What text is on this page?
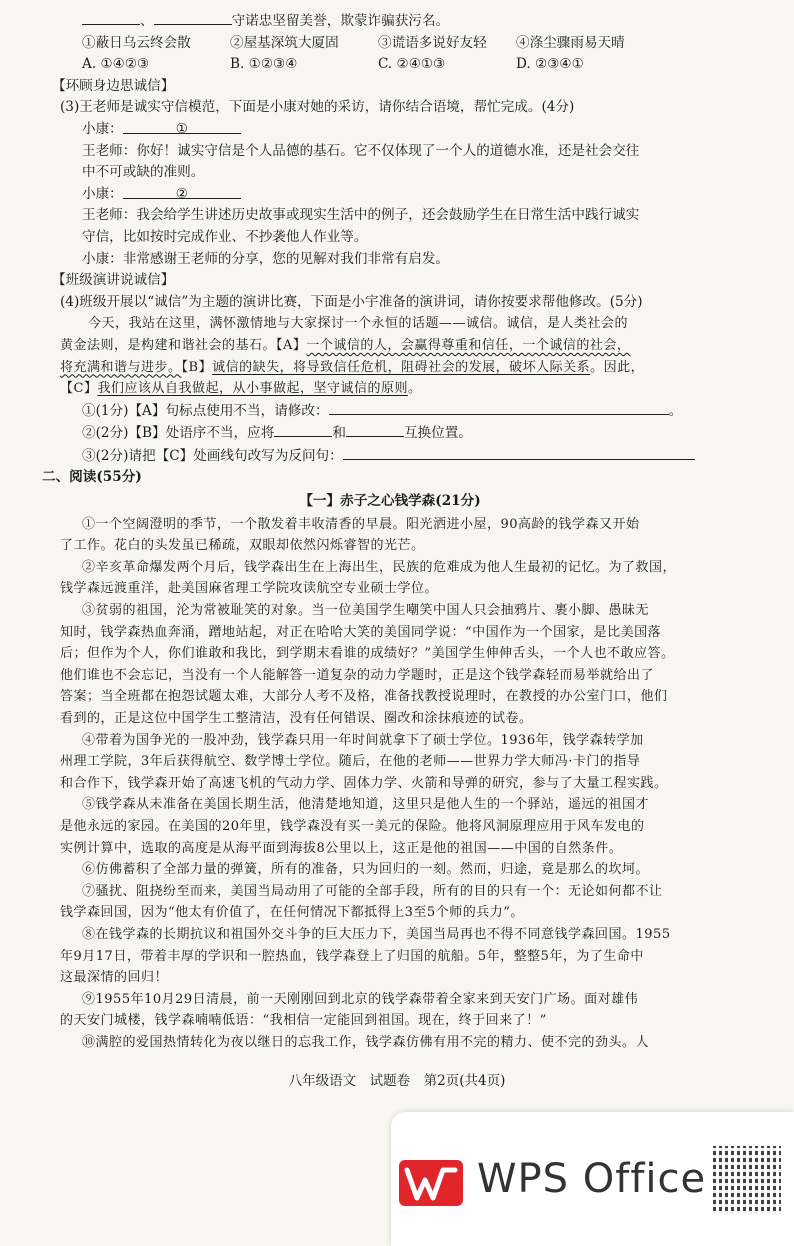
、	守诺忠坚留美誉，欺蒙诈骗获污名。
①蔽日乌云终会散	②屋基深筑大厦固	③谎语多说好友轻	④涤尘骤雨易天晴
A. ①④②③	B. ①②③④	C. ②④①③	D. ②③④①
【环顾身边思诚信】
(3)王老师是诚实守信模范，下面是小康对她的采访，请你结合语境，帮忙完成。(4分)
小康：	①
王老师：你好！诚实守信是个人品德的基石。它不仅体现了一个人的道德水准，还是社会交往
中不可或缺的准则。
小康：	②
王老师：我会给学生讲述历史故事或现实生活中的例子，还会鼓励学生在日常生活中践行诚实
守信，比如按时完成作业、不抄袭他人作业等。
小康：非常感谢王老师的分享，您的见解对我们非常有启发。
【班级演讲说诚信】
(4)班级开展以“诚信”为主题的演讲比赛，下面是小宇准备的演讲词，请你按要求帮他修改。(5分)
今天，我站在这里，满怀激情地与大家探讨一个永恒的话题——诚信。诚信，是人类社会的
黄金法则，是构建和谐社会的基石。【A】一个诚信的人，会赢得尊重和信任，一个诚信的社会，
将充满和谐与进步。【B】诚信的缺失，将导致信任危机，阻碍社会的发展，破坏人际关系。因此，
【C】我们应该从自我做起，从小事做起，坚守诚信的原则。
①(1分)【A】句标点使用不当，请修改：	。
②(2分)【B】处语序不当，应将	和	互换位置。
③(2分)请把【C】处画线句改写为反问句：
二、阅读(55分)
【一】赤子之心钱学森(21分)
①一个空阔澄明的季节，一个散发着丰收清香的早晨。阳光洒进小屋，90高龄的钱学森又开始
了工作。花白的头发虽已稀疏，双眼却依然闪烁睿智的光芒。
②辛亥革命爆发两个月后，钱学森出生在上海出生，民族的危难成为他人生最初的记忆。为了救国，
钱学森远渡重洋，赴美国麻省理工学院攻读航空专业硕士学位。
③贫弱的祖国，沦为常被耻笑的对象。当一位美国学生嘲笑中国人只会抽鸦片、裹小脚、愚昧无
知时，钱学森热血奔涌，蹭地站起，对正在哈哈大笑的美国同学说：“中国作为一个国家，是比美国落
后；但作为个人，你们谁敢和我比，到学期末看谁的成绩好？”美国学生伸伸舌头，一个人也不敢应答。
他们谁也不会忘记，当没有一个人能解答一道复杂的动力学题时，正是这个钱学森轻而易举就给出了
答案；当全班都在抱怨试题太难，大部分人考不及格，准备找教授说理时，在教授的办公室门口，他们
看到的，正是这位中国学生工整清洁，没有任何错误、圈改和涂抹痕迹的试卷。
④带着为国争光的一股冲劲，钱学森只用一年时间就拿下了硕士学位。1936年，钱学森转学加
州理工学院，3年后获得航空、数学博士学位。随后，在他的老师——世界力学大师冯·卡门的指导
和合作下，钱学森开始了高速飞机的气动力学、固体力学、火箭和导弹的研究，参与了大量工程实践。
⑤钱学森从未准备在美国长期生活，他清楚地知道，这里只是他人生的一个驿站，遥远的祖国才
是他永远的家园。在美国的20年里，钱学森没有买一美元的保险。他将风洞原理应用于风车发电的
实例计算中，选取的高度是从海平面到海拔8公里以上，这正是他的祖国——中国的自然条件。
⑥仿佛蓄积了全部力量的弹簧，所有的准备，只为回归的一刻。然而，归途，竟是那么的坎坷。
⑦骚扰、阻挠纷至而来，美国当局动用了可能的全部手段，所有的目的只有一个：无论如何都不让
钱学森回国，因为“他太有价值了，在任何情况下都抵得上3至5个师的兵力”。
⑧在钱学森的长期抗议和祖国外交斗争的巨大压力下，美国当局再也不得不同意钱学森回国。1955
年9月17日，带着丰厚的学识和一腔热血，钱学森登上了归国的航船。5年，整整5年，为了生命中
这最深情的回归！
⑨1955年10月29日清晨，前一天刚刚回到北京的钱学森带着全家来到天安门广场。面对雄伟
的天安门城楼，钱学森喃喃低语：“我相信一定能回到祖国。现在，终于回来了！”
⑩满腔的爱国热情转化为夜以继日的忘我工作，钱学森仿佛有用不完的精力、使不完的劲头。人
八年级语文　试题卷　第2页(共4页)
WPS Office
